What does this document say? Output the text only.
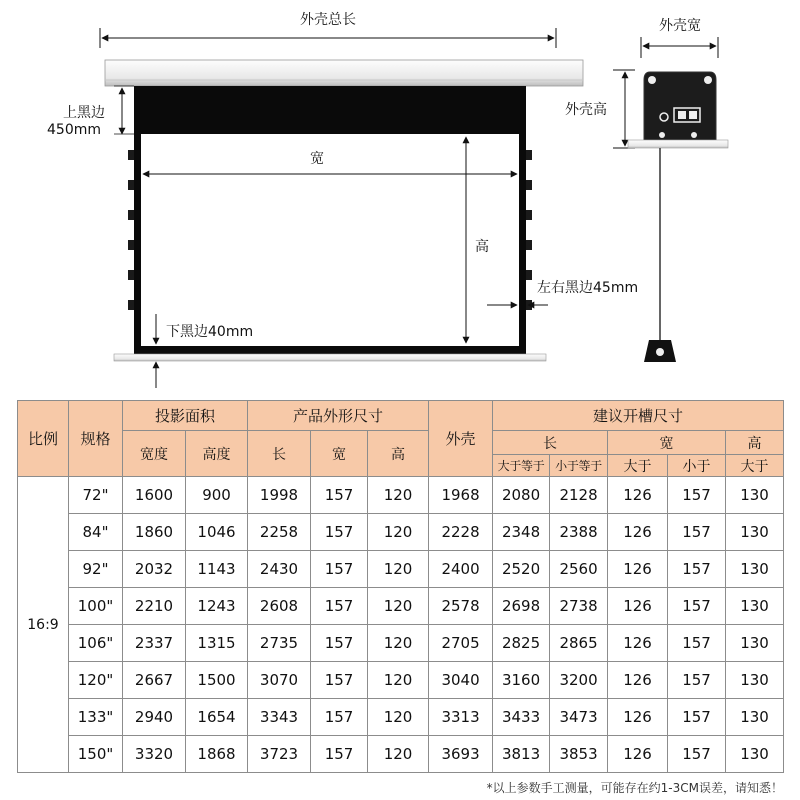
外壳总长
上黑边
450mm
宽
高
左右黑边45mm
下黑边40mm
外壳宽
外壳高
比例	规格	投影面积		产品外形尺寸			外壳	建议开槽尺寸				
		宽度	高度	长	宽	高		长		宽		高
								大于等于	小于等于	大于	小于	大于
16:9	72"	1600	900	1998	157	120	1968	2080	2128	126	157	130
	84"	1860	1046	2258	157	120	2228	2348	2388	126	157	130
	92"	2032	1143	2430	157	120	2400	2520	2560	126	157	130
	100"	2210	1243	2608	157	120	2578	2698	2738	126	157	130
	106"	2337	1315	2735	157	120	2705	2825	2865	126	157	130
	120"	2667	1500	3070	157	120	3040	3160	3200	126	157	130
	133"	2940	1654	3343	157	120	3313	3433	3473	126	157	130
	150"	3320	1868	3723	157	120	3693	3813	3853	126	157	130
*以上参数手工测量，可能存在约1-3CM误差，请知悉！
